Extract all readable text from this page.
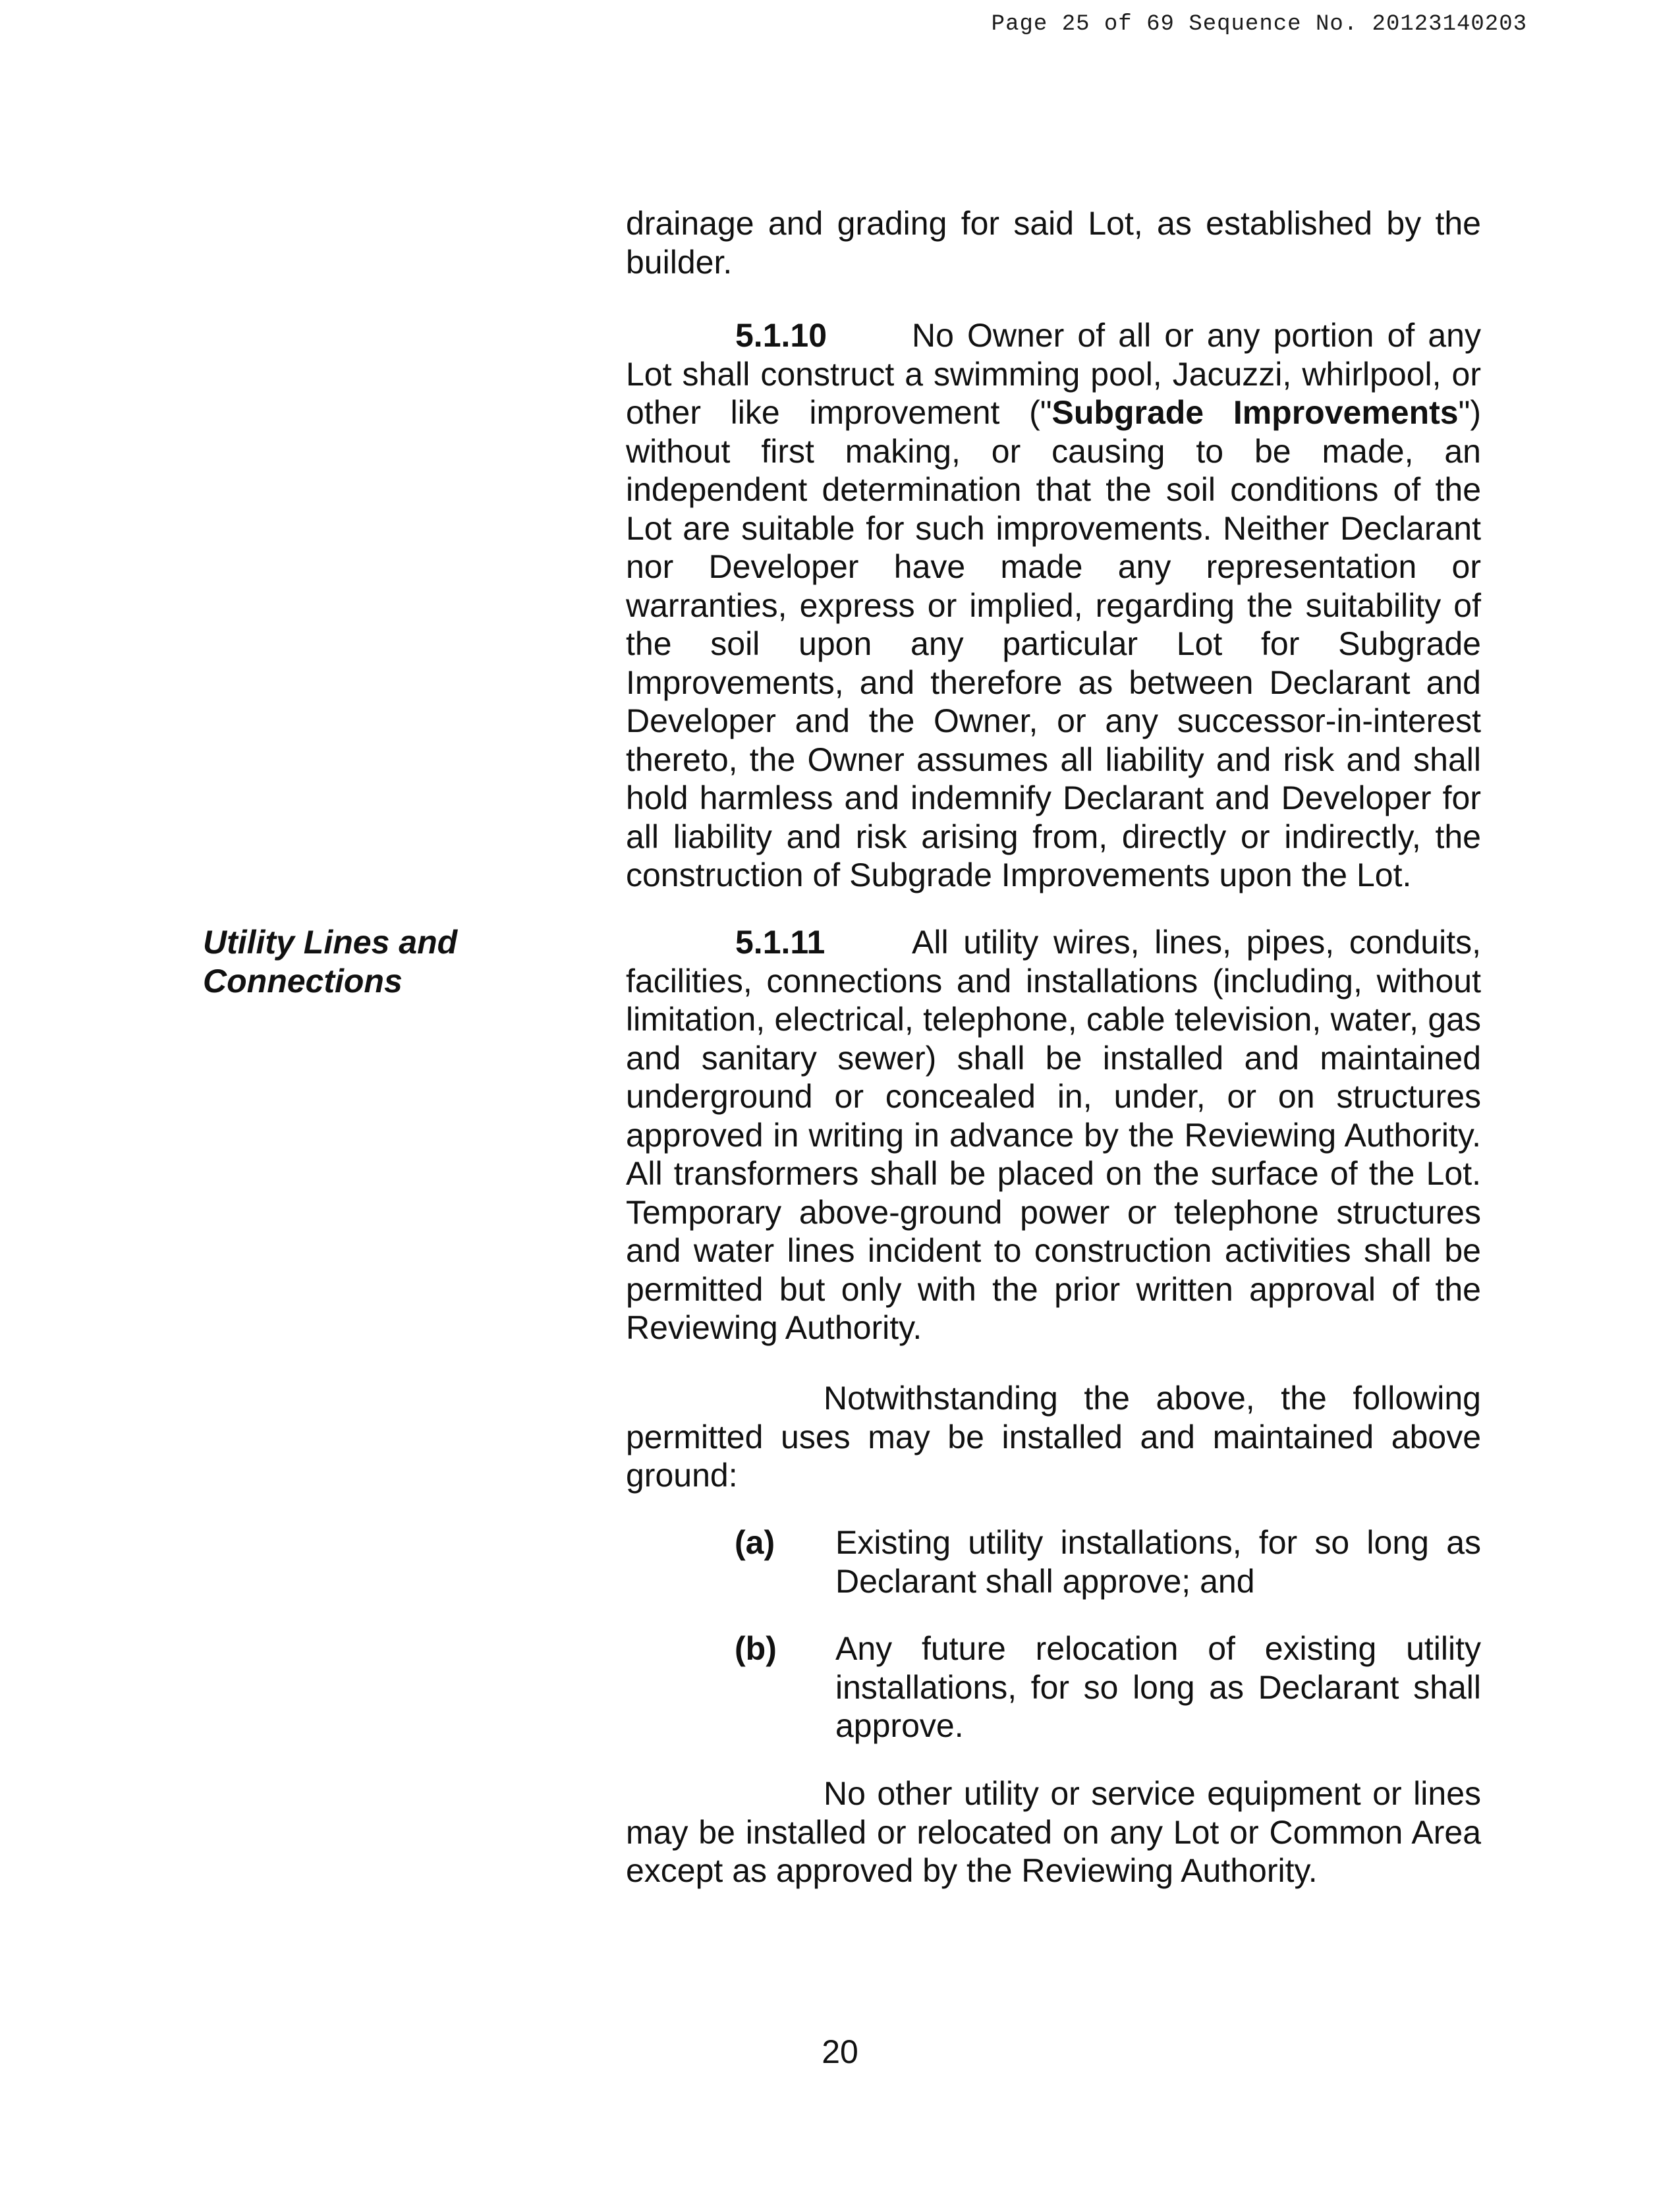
Page 25 of 69 Sequence No. 20123140203

drainage and grading for said Lot, as established by the builder.

5.1.10	No Owner of all or any portion of any Lot shall construct a swimming pool, Jacuzzi, whirlpool, or other like improvement ("Subgrade Improvements") without first making, or causing to be made, an independent determination that the soil conditions of the Lot are suitable for such improvements. Neither Declarant nor Developer have made any representation or warranties, express or implied, regarding the suitability of the soil upon any particular Lot for Subgrade Improvements, and therefore as between Declarant and Developer and the Owner, or any successor-in-interest thereto, the Owner assumes all liability and risk and shall hold harmless and indemnify Declarant and Developer for all liability and risk arising from, directly or indirectly, the construction of Subgrade Improvements upon the Lot.

Utility Lines and
Connections

5.1.11	All utility wires, lines, pipes, conduits, facilities, connections and installations (including, without limitation, electrical, telephone, cable television, water, gas and sanitary sewer) shall be installed and maintained underground or concealed in, under, or on structures approved in writing in advance by the Reviewing Authority. All transformers shall be placed on the surface of the Lot. Temporary above-ground power or telephone structures and water lines incident to construction activities shall be permitted but only with the prior written approval of the Reviewing Authority.

Notwithstanding the above, the following permitted uses may be installed and maintained above ground:

(a) Existing utility installations, for so long as Declarant shall approve; and
(b) Any future relocation of existing utility installations, for so long as Declarant shall approve.

No other utility or service equipment or lines may be installed or relocated on any Lot or Common Area except as approved by the Reviewing Authority.

20
